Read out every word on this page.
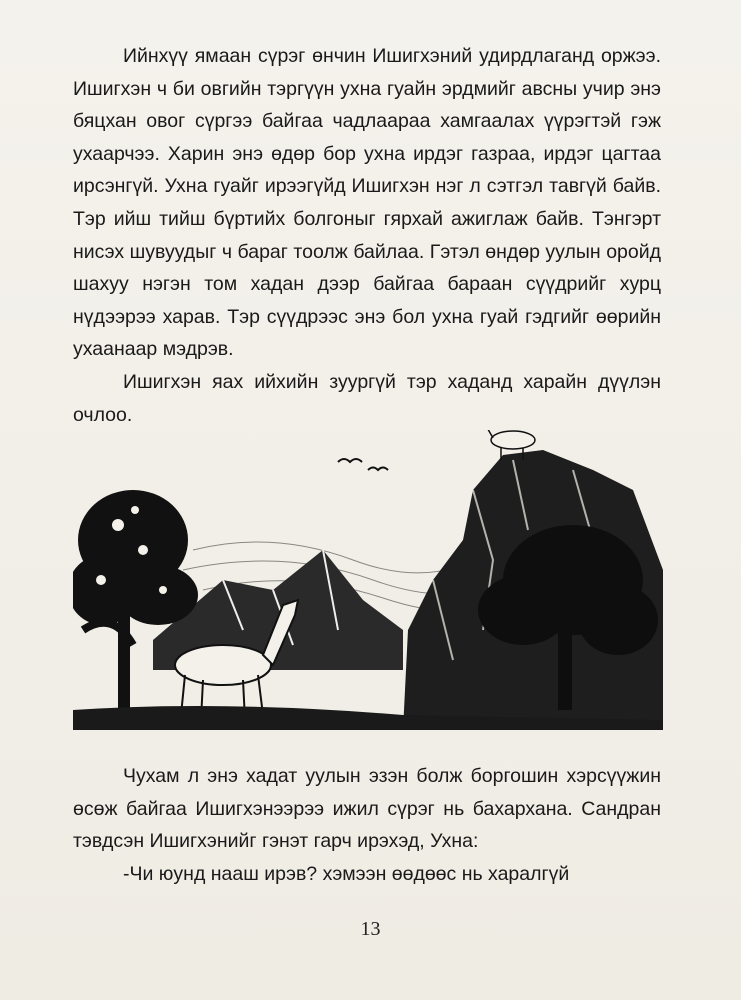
Ийнхүү ямаан сүрэг өнчин Ишигхэний удирдлаганд оржээ. Ишигхэн ч би овгийн тэргүүн ухна гуайн эрдмийг авсны учир энэ бяцхан овог сүргээ байгаа чадлаараа хамгаалах үүрэгтэй гэж ухаарчээ. Харин энэ өдөр бор ухна ирдэг газраа, ирдэг цагтаа ирсэнгүй. Ухна гуайг ирээгүйд Ишигхэн нэг л сэтгэл тавгүй байв. Тэр ийш тийш бүртийх болгоныг гярхай ажиглаж байв. Тэнгэрт нисэх шувуудыг ч бараг тоолж байлаа. Гэтэл өндөр уулын оройд шахуу нэгэн том хадан дээр байгаа бараан сүүдрийг хурц нүдээрээ харав. Тэр сүүдрээс энэ бол ухна гуай гэдгийг өөрийн ухаанаар мэдрэв.

Ишигхэн яах ийхийн зуургүй тэр хаданд харайн дүүлэн очлоо.

Чухам л энэ хадат уулын эзэн болж боргошин хэрсүүжин өсөж байгаа Ишигхэнээрээ ижил сүрэг нь бахархана. Сандран тэвдсэн Ишигхэнийг гэнэт гарч ирэхэд, Ухна:

-Чи юунд нааш ирэв? хэмээн өөдөөс нь харалгүй

13
